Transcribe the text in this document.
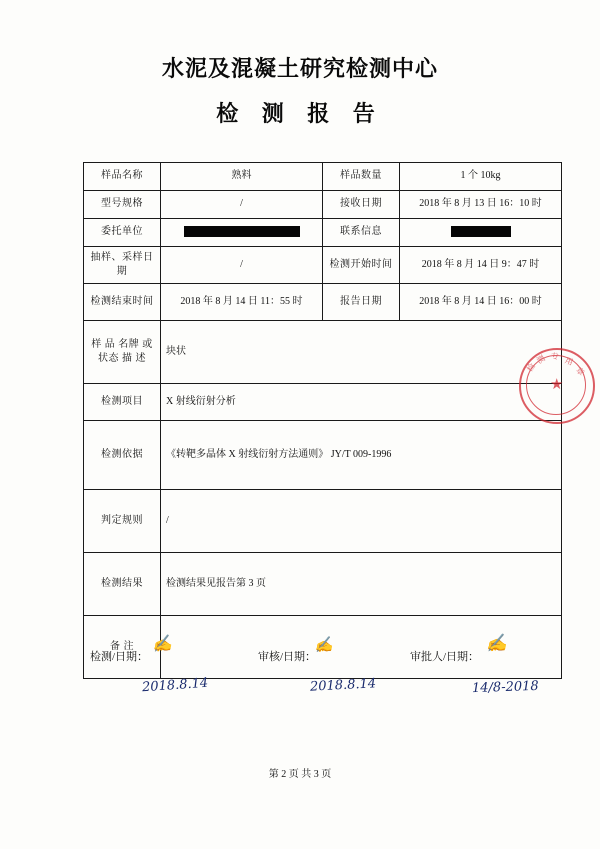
水泥及混凝土研究检测中心
检 测 报 告
样品名称	熟料	样品数量	1 个 10kg
型号规格	/	接收日期	2018 年 8 月 13 日 16：10 时
委托单位		联系信息	
抽样、采样日期	/	检测开始时间	2018 年 8 月 14 日 9：47 时
检测结束时间	2018 年 8 月 14 日 11：55 时	报告日期	2018 年 8 月 14 日 16：00 时
样 品 名牌 或 状态 描 述	块状		
检测项目	X 射线衍射分析		
检测依据	《转靶多晶体 X 射线衍射方法通则》 JY/T 009-1996		
判定规则	/		
检测结果	检测结果见报告第 3 页		
备 注			
★
检
测 专 用
章
检测/日期：
✍
2018.8.14
审核/日期：
✍
2018.8.14
审批人/日期：
✍
14/8-2018
第 2 页 共 3 页
